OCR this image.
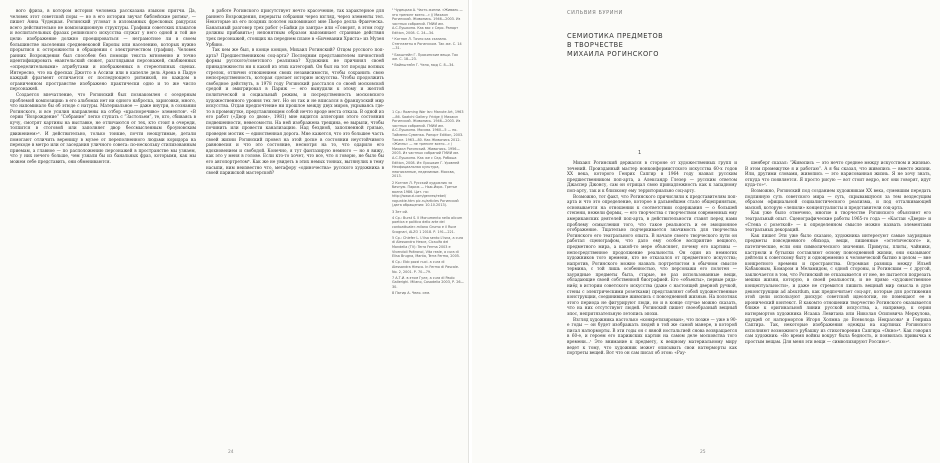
вого фриза, в котором история человека рассказана языком притчи. Да, человек этот советской поры — но в его истории звучат библейские ритмы¹, — пишет Анна Чудецкая. Рогинский угловат в изломанных фресковых ракурсах всего действительно не композиционную структуры. Графики советских плакатов и воспитательных фразах репинского искусства служат у него одной и той же цели: изображение должно проецироваться — неграмотное ли в своем большинстве населении средневековой Европы или населению, которых нужно прорытися к осторожности в обращении с электричеством (графии). Человек ранних Возрождения был способен без помощи текста мгновенно и точно идентифицировать евангельский сюжет, разглядывая персонажей, снабженных «определительными» атрибутами и изображенных в стереотипных сценах. Интересно, что на фресках Джотто в Ассизи или в капелле дель Арена в Падуе каждый фрагмент отличается от последующего ритмикой, но каждом в ограниченном пространстве изображено практически одно и то же число персонажей.

Создается впечатление, что Рогинский был познакомлен с оседерным проблемой композиции: в его альбомах нет ни одного наброска, зарисовки, много, что напоминало бы об этюде с натуры. Материальное — даже внутри, в сознании Рогинского, и все усилия направлены на отбор «красноречиво» элементов². «В серии “Возрождение” “Собрание” легко ступать с “Застольем”, те, кто, сбиваясь в кучу, смотрят картины на выставке, не отличаются от тех, кто стоит в очереди, толпится в стоговой или заполняет двор бессмысленным броуновским движением»³. И действительно, только тонкие, почти неощутимые, детали помогают отличить вереницу в музее от переполненного людьми коридора на переходе в метро или от заседания уличного совета: по-нескольку стилизованным приемам, а главное — по расположению персонажей в пространстве мы узнаем, что у них нечего больше, чем узнали бы из банальных фраз, которыми, как мы можем себе представить, они обмениваются.

в работе Рогинского присутствует нечто красочение, так характерное для раннего Возрождения, перерыты собрания через взгляд, через элементы тел. Некоторые из его поздних полотен напоминают мне Пьеро делла Франческа. Банальный разговор трех работ («Байки до завтра» или «Говорят, в этом году должны прибавить») непонятным образом напоминает странные действия трех персонажей, стоящих на переднем плане в «Бичевании Христа» из Музея Урбино.

Так кем же был, в конце концов, Михаил Рогинский? Отцом русского поп-арта? Предшественником соц-арта? Последним представителем личностной формы русского/советского реализма? Художник не причинял своей принадлежности ни к какой из этих категорий. Он был на тот породы волных стрелок, отличен отношением своих независимости, чтобы сохранить свою непосредственность, которая сделает историю искусства. Чтобы продолжить свободное действуть, в 1978 году Рогинский расстался со своей московской средой и эмигрировал в Париж — его вынудили к этому и желтой политической и социальный режим, и посредственность московского художественного уровня тех лет. Но он так и не вписался в французский мир искусства. Отдав предпочтение ни прошлое между двух миров, укрываясь где-то в промежутке, представляющем собой нечто вроде места отказа. В одной из его работ («Двор со двом», 1981) мне видится аллегория этого состояния подвешенности, невесомости. На ней изображена трещина, ее вырыли, чтобы починить или провести канализацию. Над бездной, заполненной грязью, проведен мостик — единственная дорога. Мне кажется, что это большее часть своей жизни Рогинский провел на этой доске в состоянии неустойчивого равновесия и что это состояние, несмотря на то, что одарило его вдохновением и свободой. Конечно, я тут фантазирую немного — но я вижу, как это у меня в голове. Если кто-то хочет, что все, что я говорю, не было бы его автопортретом⁴. Как же не увидеть в этих немых тоннах, вытянулих в тему насыпи, ним неизвестно что, метафору «одиночества» русского художника в своей парижской мастерской?

¹ Чудецкая А. Часть жизни. «Живаль — это тренинг всего...» // Михаил Рогинский. Живопись. 1946—2003. Из частных собраний. ГМИИ им. А.С.Пушкина. Как вас с Серо. Рапорт Edition, 2008. С. 24—34.

² Когпан Л. Точно как сказано. Стенгазеты в Рогинском. Так же. С. 14—31.

³ Бакштейн Г. Прокинские вещи. Так же. С. 18—23.

⁴ Вайнштейн Г. Чело, мод С. 8—34.

1 Ср.: Roaming War Isn: Manute Art, 1963—86. Saatchi Gallery. Fridge // Михаил Рогинский. Живопись. 1946—2003. Из частных собраний. ГМИИ им. А.С.Пушкина. Москва. 1960—5 — по-Таймени Суменка. Рапорт Edition, 2003. Также. 1963—80. Как Живопись 2012. «Жизнь» — не тренинг всего...» / Михаил Рогинский. Живопись. 1956—2003. Из частных собраний ГМИИ им. А.С.Пушкина. Как же с Сед. Рабоша Edition, 2008. Из: Ерошкин Г. Уровней Неофициальная культура, неописанные, неделимые. Москва, 2013.

2 Когпан Л. Русский художник за бичную. Париж — Нью-Йорк. Третье волна 1986. Цит. по: http://www.zl.com/genres/rebel/ rogunkie.htm pic.ru/articles Рогинский (дата обращения: 10.10.2013).

3 Зет ий.

4 Ср.: Burst S. Il Monumento nella alicum poetica e politica dello arte del contoattuale».milano Grumo e il Ruce Scognari, ALZO 1 2018. Р. 191—221.

5 Ср.: Chiefer L. L'ilsa sento L'Isna, a cura di Alessandra Hesce, Cicaulfa del Mondella (TV): Terra Ferma 2003 e Vivendoli Poltronoi, Vita reale, a cura di Elisa Brugna, Manta, Terra Ferma, 2005.

6 Ср.: Ebb pozzi nuci. a cura di Alessandra Hiesco. In Fermo di Pascale. No. 2, 2001. Р. 70—79.

7 А.Т.И. в этом Гуле, а cura di Paolo Gallerighi. Milano, Cosadelia 2003, Р. 26—30.

8 Патир А. Чело. сем.

24
СИЛЬВИЯ БУРИНИ
СЕМИОТИКА ПРЕДМЕТОВ
В ТВОРЧЕСТВЕ
МИХАИЛА РОГИНСКОГО
1

Михаил Рогинский держался в стороне от художественных групп и течений. Произданный мастер нонконформистского искусства 60-х годов ХХ века, которого Генрих Сапгир в 1964 году назвал русским предшественником поп-арта, а Александр Глезер — русским ответом Джаспер Джонсу, сам он отрицал свою принадлежность как к западному поп-арту, так и к близкому ему территориально соц-арту.

Возможно, тот факт, что Рогинского причисляли к представителям поп-арта и что это определение, которое в дальнейшем стало общепринятым, основывается на отношении к соответствии содержания — о большей степени, нежели формы, — его творчества с творчеством современных ему американских деятелей поп-арта, в действительности ставят перед нами проблему осмысления того, что такое реальность и ее эмоционное отображение. Тщательно подчеркивается значимость для творчества Рогинского его театрального опыта. В начале своего творческого пути он работал сценографом, что дало ему особое восприятие вещного, предметного мира, а какой-то мере объясняет, почему его картины — непосредственное продолжение реальности. Он один из немногих художников того времени, кто не отказался от предметного искусства; напротив, Рогинского можно назвать портретистом в обычном смысле термина, с той лишь особенностью, что персонажи его полотен — заурядные предметы быта, старые, не раз использованные вещи, обладающие своей собственной биографией. Его «объекты», первые ряда-ниёд в истории советского искусства (даже с настоящей дверной ручкой, стены с электрическими розетками) представляют собой художественные конструкции, соединившие живопись с повседневной жизнью. На полотнах этого периода не фигурируют люди, но и в конце случае можно сказать, что на них отсутствуют людей. Рогинский пишет своеобразный вещный эпос, непритязательную летопись эпохи.

Взгляд художника настолько «конкретизирован», что позже — уже в 90-е годы — он будет изображать людей в той же самой манере, в которой писал натюрморты. В эти годы он с явной ностальгией снова возвращается в 60-е, и героем его парижских картин на самом деле московства того времени…¹ Это внимание к предмету, к вещному материальному миру ведет к тому, что художник может описывать свои натюрморты как портреты вещей. Вот что он сам писал об этом: «Рау-

шенберг сказал: “Живопись — это нечто среднее между искусством и жизнью. В этом промежутке я и работаю”. А я бы сказал, что живопись — вместо жизни. Или, другими словами, живопись — это нарисованная жизнь. Я не хочу знать, откуда что появляется. Я просто рисую — вот стоит ведро, вот они говорят, идут куда-то»².

Возможно, Рогинский под созданием художникам ХХ века, сумевшим передать подлинную суть советского мира — суть, скрывавшуюся за тем вездесущим образом официальной социалистического реализма, и под отталкивающей маской, которую «лепили» концептуалисты и представители соц-арта.

Как уже было отмечено, многие в творчестве Рогинского объясняет его театральный опыт. Сценографические работы 1965-го года — «Кастаи «Двери» и «Стена с розеткой» — к определенном смысле можно назвать элементами театральных декораций.

Как пишет Эти уже было сказано, художника интересуют самые заурядные предметы повседневного обихода, вещи, лишенные «эстетического» и, патетические, если они символического значения. Примусы, плиты, чайники, кастрюли и бутылки составляют основу повседневной жизни, они оказывают дейтели к советскому быту и одновременно к человеческой бытию в целом — вне конкретного времени и пространства. Огромная разница между Ильей Кабаковым, Комаром и Меламидом, с одной стороны, и Рогинским — с другой, заключается в том, что Рогинский не отказывается от нее, не пытается подрезать мешки жизни, которую, в своей реальности, и не прямо «художественное концептуальности», и даже не стремится лишить вещный мир смысла в духе деконструкции ad absurdum, как предпочитает соц-арт, которые для достижения этой цели используют дискурс советской идеологии, но помещают ее в иронический контекст. В какомто отношении творчество Рогинского оказывается ближе к оригинальной линии русской искусства, а, например, к серии натюрмортов художника Исаака Левитана или Николая Осиповича Меркулова, идущей от натюрмортов Игоря Холмна до Всеволода Некрасова³ и Генриха Сапгира. Так, некоторые изображения одежды на картинах Рогинского исполняют возможного рубашку из стихотворения Сапгира «Окно»⁴. Как говорил сам художник: «Во время войны вокруг была бедность, и появилась привычка к простым вещам. Для меня эти вещи — символизируют Россию»⁵.

25
